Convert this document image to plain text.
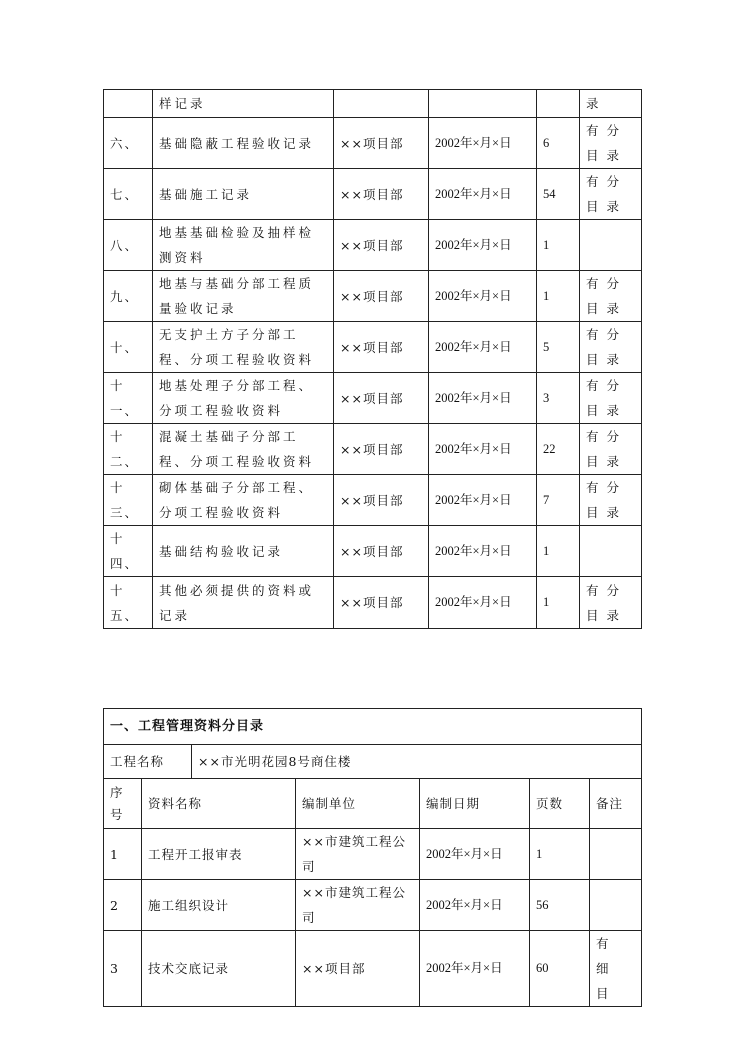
	样记录				录
六、	基础隐蔽工程验收记录	××项目部	2002年×月×日	6	有分目录
七、	基础施工记录	××项目部	2002年×月×日	54	有分目录
八、	地基基础检验及抽样检测资料	××项目部	2002年×月×日	1	
九、	地基与基础分部工程质量验收记录	××项目部	2002年×月×日	1	有分目录
十、	无支护土方子分部工程、分项工程验收资料	××项目部	2002年×月×日	5	有分目录
十一、	地基处理子分部工程、分项工程验收资料	××项目部	2002年×月×日	3	有分目录
十二、	混凝土基础子分部工程、分项工程验收资料	××项目部	2002年×月×日	22	有分目录
十三、	砌体基础子分部工程、分项工程验收资料	××项目部	2002年×月×日	7	有分目录
十四、	基础结构验收记录	××项目部	2002年×月×日	1	
十五、	其他必须提供的资料或记录	××项目部	2002年×月×日	1	有分目录
一、工程管理资料分目录						
工程名称		××市光明花园8号商住楼				
序号	资料名称		编制单位	编制日期	页数	备注
1	工程开工报审表		××市建筑工程公司	2002年×月×日	1	
2	施工组织设计		××市建筑工程公司	2002年×月×日	56	
3	技术交底记录		××项目部	2002年×月×日	60	有细目
